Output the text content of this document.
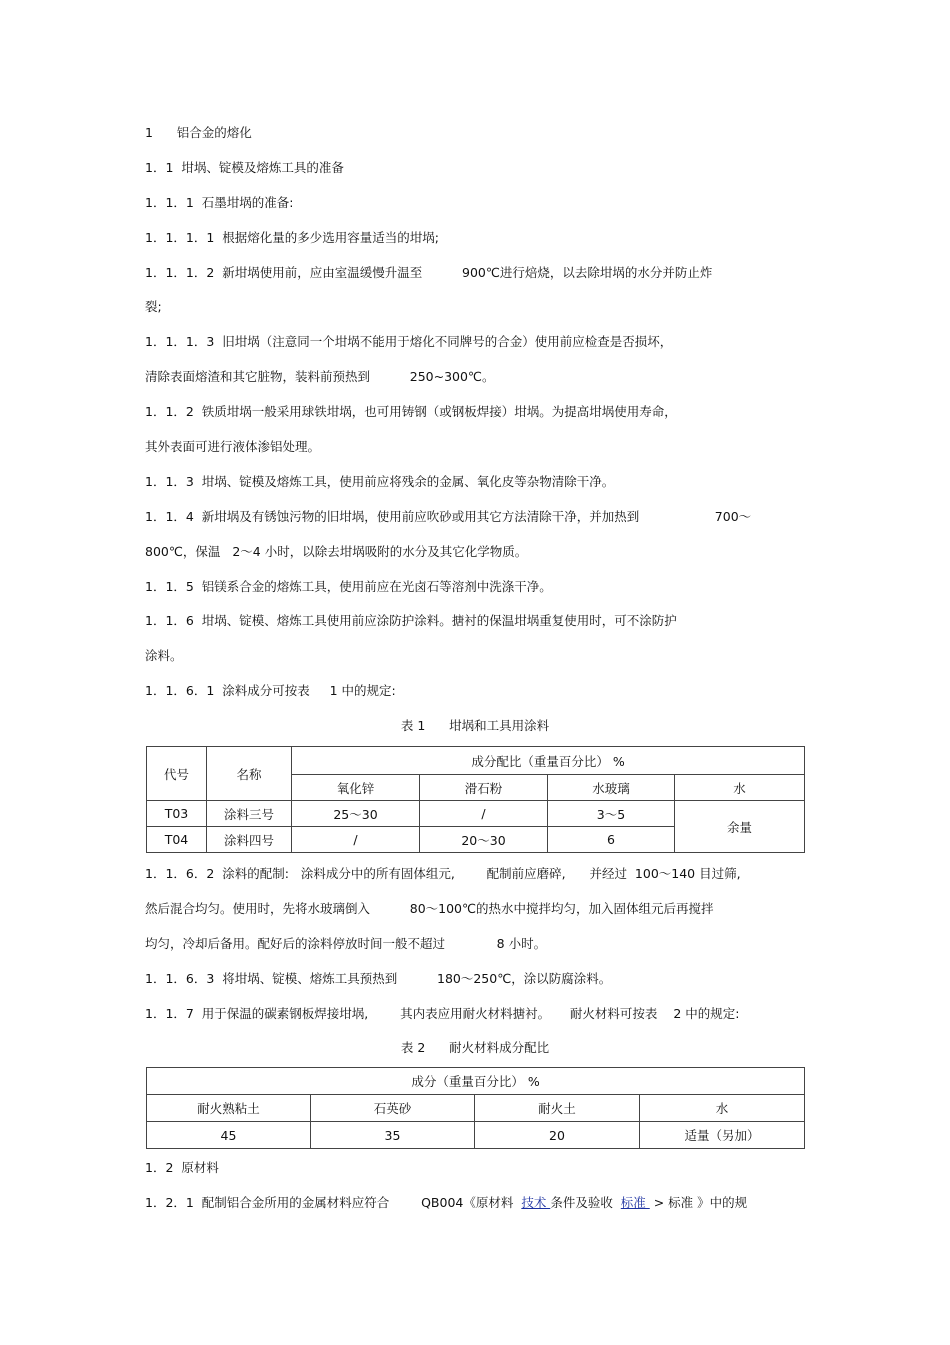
1      铝合金的熔化
1．1  坩埚、锭模及熔炼工具的准备
1．1．1  石墨坩埚的准备:
1．1．1．1  根据熔化量的多少选用容量适当的坩埚;
1．1．1．2  新坩埚使用前，应由室温缓慢升温至          900℃进行焙烧，以去除坩埚的水分并防止炸
裂;
1．1．1．3  旧坩埚（注意同一个坩埚不能用于熔化不同牌号的合金）使用前应检查是否损坏，
清除表面熔渣和其它脏物，装料前预热到          250~300℃。
1．1．2  铁质坩埚一般采用球铁坩埚，也可用铸钢（或钢板焊接）坩埚。为提高坩埚使用寿命，
其外表面可进行液体渗铝处理。
1．1．3  坩埚、锭模及熔炼工具，使用前应将残余的金属、氧化皮等杂物清除干净。
1．1．4  新坩埚及有锈蚀污物的旧坩埚，使用前应吹砂或用其它方法清除干净，并加热到                   700～
800℃，保温   2～4 小时，以除去坩埚吸附的水分及其它化学物质。
1．1．5  铝镁系合金的熔炼工具，使用前应在光卤石等溶剂中洗涤干净。
1．1．6  坩埚、锭模、熔炼工具使用前应涂防护涂料。搪衬的保温坩埚重复使用时，可不涂防护
涂料。
1．1．6．1  涂料成分可按表     1 中的规定:
表 1      坩埚和工具用涂料
代号	名称	成分配比（重量百分比） %			
		氧化锌	滑石粉	水玻璃	水
T03	涂料三号	25～30	/	3～5	余量
T04	涂料四号	/	20～30	6	
1．1．6．2  涂料的配制:   涂料成分中的所有固体组元,        配制前应磨碎,      并经过  100～140 目过筛,
然后混合均匀。使用时，先将水玻璃倒入          80～100℃的热水中搅拌均匀，加入固体组元后再搅拌
均匀，冷却后备用。配好后的涂料停放时间一般不超过             8 小时。
1．1．6．3  将坩埚、锭模、熔炼工具预热到          180～250℃，涂以防腐涂料。
1．1．7  用于保温的碳素钢板焊接坩埚,        其内表应用耐火材料搪衬。     耐火材料可按表    2 中的规定:
表 2      耐火材料成分配比
成分（重量百分比） %			
耐火熟粘土	石英砂	耐火土	水
45	35	20	适量（另加）
1．2  原材料
1．2．1  配制铝合金所用的金属材料应符合        QB004《原材料  技术 条件及验收  标准  > 标准 》中的规
